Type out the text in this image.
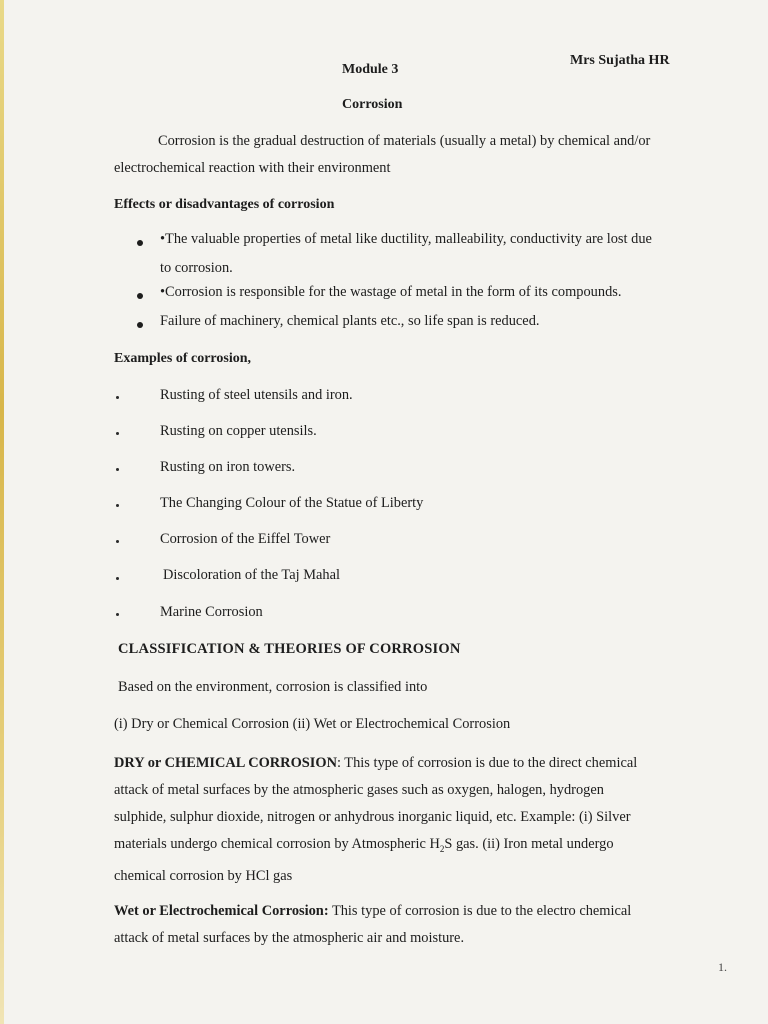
Module 3
Mrs Sujatha HR
Corrosion
Corrosion is the gradual destruction of materials (usually a metal) by chemical and/or
electrochemical reaction with their environment
Effects or disadvantages of corrosion
•The valuable properties of metal like ductility, malleability, conductivity are lost due
to corrosion.
•Corrosion is responsible for the wastage of metal in the form of its compounds.
Failure of machinery, chemical plants etc., so life span is reduced.
Examples of corrosion,
Rusting of steel utensils and iron.
Rusting on copper utensils.
Rusting on iron towers.
The Changing Colour of the Statue of Liberty
Corrosion of the Eiffel Tower
Discoloration of the Taj Mahal
Marine Corrosion
CLASSIFICATION & THEORIES OF CORROSION
Based on the environment, corrosion is classified into
(i) Dry or Chemical Corrosion (ii) Wet or Electrochemical Corrosion
DRY or CHEMICAL CORROSION: This type of corrosion is due to the direct chemical
attack of metal surfaces by the atmospheric gases such as oxygen, halogen, hydrogen
sulphide, sulphur dioxide, nitrogen or anhydrous inorganic liquid, etc. Example: (i) Silver
materials undergo chemical corrosion by Atmospheric $H_2S$ gas. (ii) Iron metal undergo
chemical corrosion by HCl gas
Wet or Electrochemical Corrosion: This type of corrosion is due to the electro chemical
attack of metal surfaces by the atmospheric air and moisture.
1.
